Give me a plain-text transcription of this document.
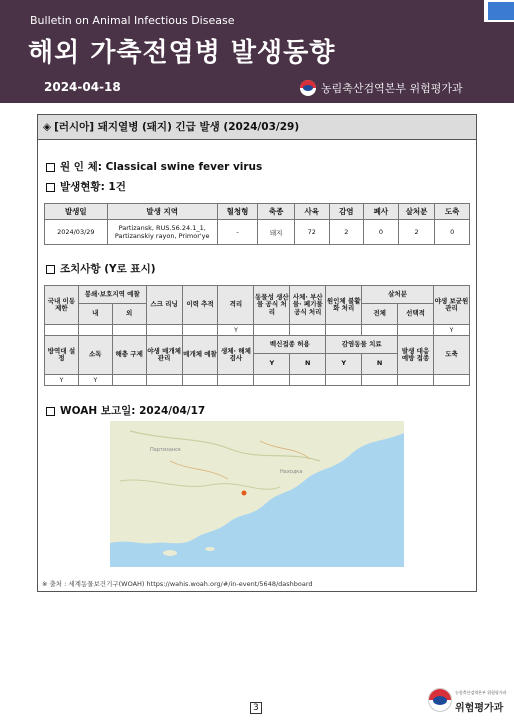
Bulletin on Animal Infectious Disease
해외 가축전염병 발생동향
2024-04-18	농림축산검역본부 위험평가과
◈ [러시아] 돼지열병 (돼지) 긴급 발생 (2024/03/29)
원 인 체: Classical swine fever virus
발생현황: 1건
발생일	발생 지역	혈청형	축종	사육	감염	폐사	살처분	도축
2024/03/29	Partizansk, RUS.56.24.1_1, Partizanskiy rayon, Primor'ye	-	돼지	72	2	0	2	0
조치사항 (Y로 표시)
국내 이동 제한	봉쇄·보호지역 예찰		스크 리닝	이력 추적	격리	동물성 생산물 공식 처리	사체· 부산물· 폐기물 공식 처리	원인체 불활화 처리	살처분		야생 보균원 관리
	내	외							전체	선택적	
					Y						Y
방역대 설정	소독	해충 구제	야생 매개체 관리	매개체 예찰	생체· 해체 검사	백신접종 허용		감염동물 치료		발생 대응 예방 접종	도축
						Y	N	Y	N		
Y	Y										
WOAH 보고일: 2024/04/17
Партизанск
Находка
※ 출처 : 세계동물보건기구(WOAH) https://wahis.woah.org/#/in-event/5648/dashboard
3
농림축산검역본부 위험평가과
위험평가과
